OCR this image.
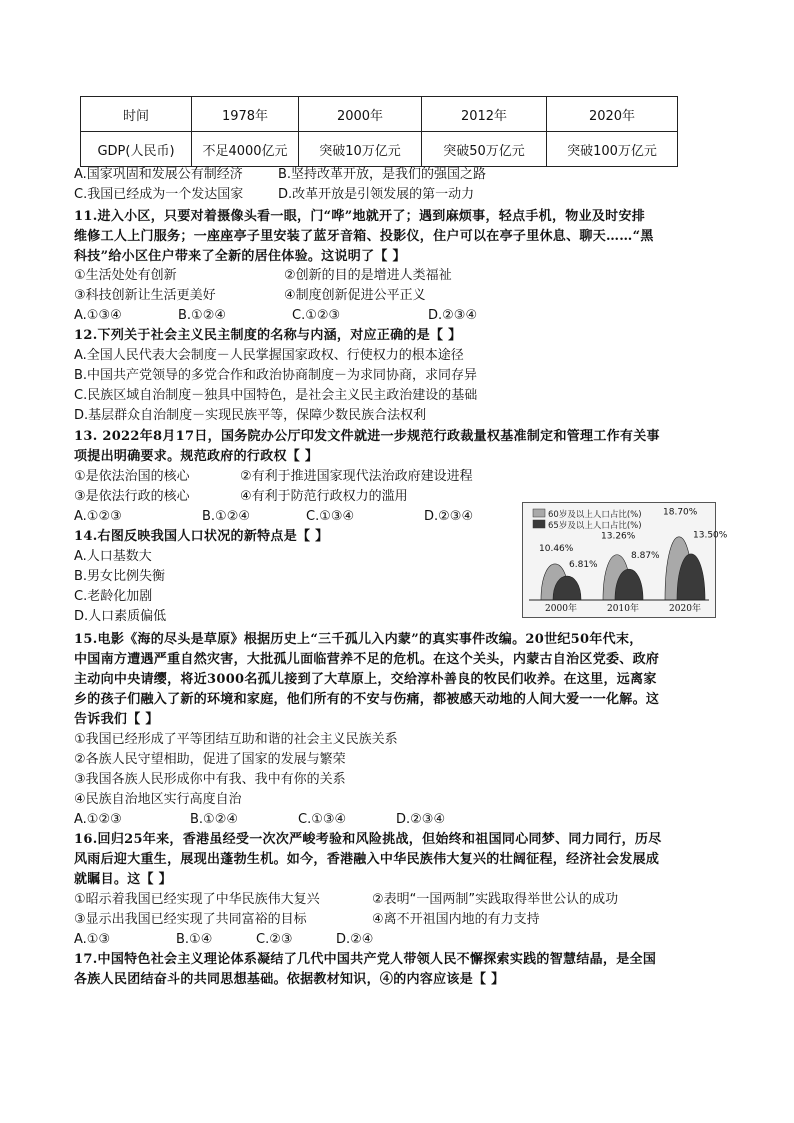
时间	1978年	2000年	2012年	2020年
GDP(人民币)	不足4000亿元	突破10万亿元	突破50万亿元	突破100万亿元
A.国家巩固和发展公有制经济	B.坚持改革开放，是我们的强国之路
C.我国已经成为一个发达国家	D.改革开放是引领发展的第一动力
11.进入小区，只要对着摄像头看一眼，门“哗”地就开了；遇到麻烦事，轻点手机，物业及时安排
维修工人上门服务；一座座亭子里安装了蓝牙音箱、投影仪，住户可以在亭子里休息、聊天……“黑
科技”给小区住户带来了全新的居住体验。这说明了【 】
①生活处处有创新	②创新的目的是增进人类福祉
③科技创新让生活更美好	④制度创新促进公平正义
A.①③④	B.①②④	C.①②③	D.②③④
12.下列关于社会主义民主制度的名称与内涵，对应正确的是【 】
A.全国人民代表大会制度－人民掌握国家政权、行使权力的根本途径
B.中国共产党领导的多党合作和政治协商制度－为求同协商，求同存异
C.民族区域自治制度－独具中国特色，是社会主义民主政治建设的基础
D.基层群众自治制度－实现民族平等，保障少数民族合法权利
13. 2022年8月17日，国务院办公厅印发文件就进一步规范行政裁量权基准制定和管理工作有关事
项提出明确要求。规范政府的行政权【 】
①是依法治国的核心	②有利于推进国家现代法治政府建设进程
③是依法行政的核心	④有利于防范行政权力的滥用
A.①②③	B.①②④	C.①③④	D.②③④
14.右图反映我国人口状况的新特点是【 】
A.人口基数大
B.男女比例失衡
C.老龄化加剧
D.人口素质偏低
60岁及以上人口占比(%)
65岁及以上人口占比(%)
10.46%
6.81%
2000年
13.26%
8.87%
2010年
18.70%
13.50%
2020年
15.电影《海的尽头是草原》根据历史上“三千孤儿入内蒙”的真实事件改编。20世纪50年代末，
中国南方遭遇严重自然灾害，大批孤儿面临营养不足的危机。在这个关头，内蒙古自治区党委、政府
主动向中央请缨，将近3000名孤儿接到了大草原上，交给淳朴善良的牧民们收养。在这里，远离家
乡的孩子们融入了新的环境和家庭，他们所有的不安与伤痛，都被感天动地的人间大爱一一化解。这
告诉我们【 】
①我国已经形成了平等团结互助和谐的社会主义民族关系
②各族人民守望相助，促进了国家的发展与繁荣
③我国各族人民形成你中有我、我中有你的关系
④民族自治地区实行高度自治
A.①②③	B.①②④	C.①③④	D.②③④
16.回归25年来，香港虽经受一次次严峻考验和风险挑战，但始终和祖国同心同梦、同力同行，历尽
风雨后迎大重生，展现出蓬勃生机。如今，香港融入中华民族伟大复兴的壮阔征程，经济社会发展成
就瞩目。这【 】
①昭示着我国已经实现了中华民族伟大复兴	②表明“一国两制”实践取得举世公认的成功
③显示出我国已经实现了共同富裕的目标	④离不开祖国内地的有力支持
A.①③	B.①④	C.②③	D.②④
17.中国特色社会主义理论体系凝结了几代中国共产党人带领人民不懈探索实践的智慧结晶，是全国
各族人民团结奋斗的共同思想基础。依据教材知识，④的内容应该是【 】
